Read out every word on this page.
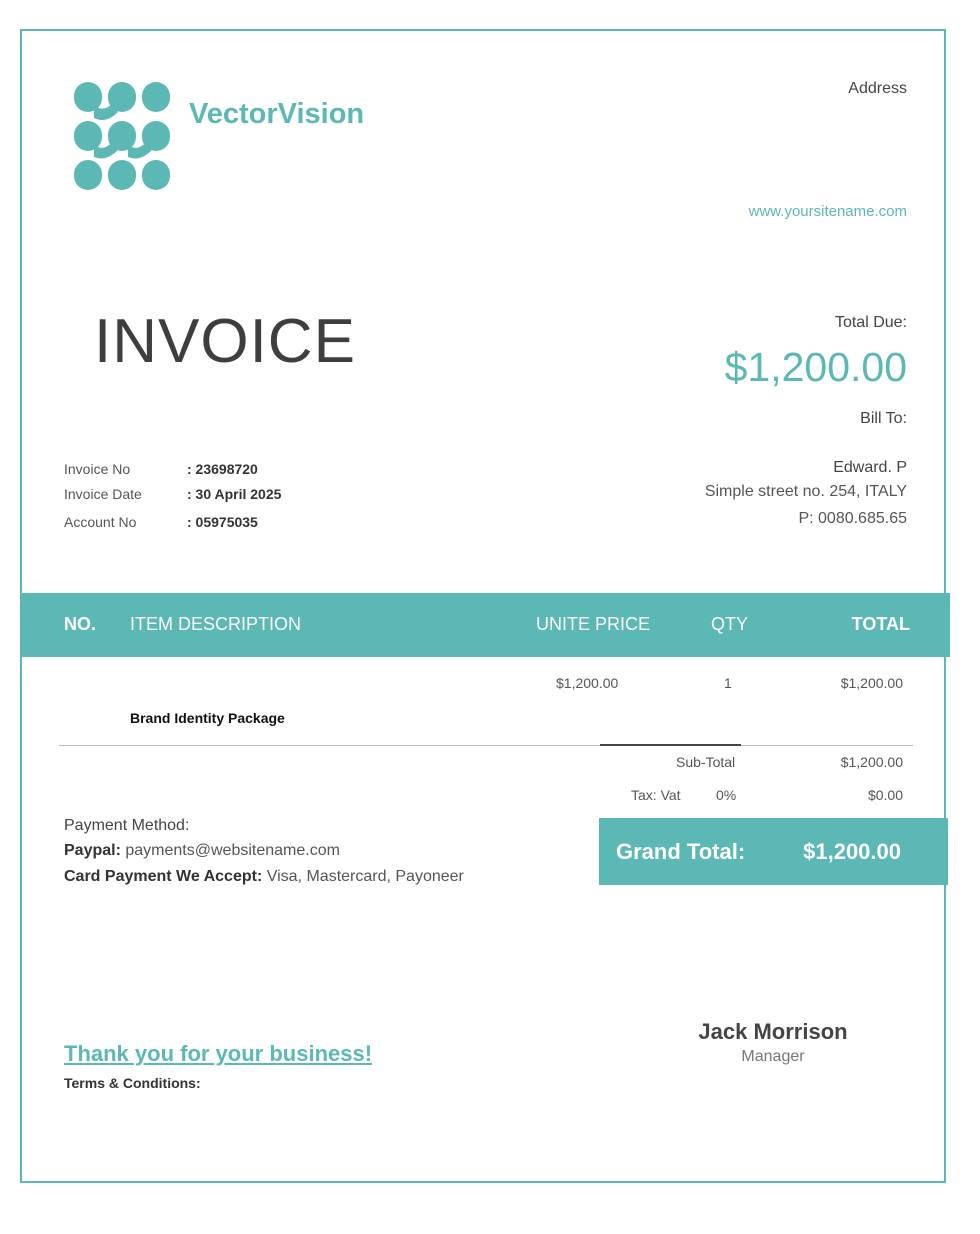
VectorVision
Address
www.yoursitename.com
INVOICE	Total Due:
$1,200.00
Bill To:
Edward. P
Simple street no. 254, ITALY
P: 0080.685.65
Invoice No	: 23698720
Invoice Date	: 30 April 2025
Account No	: 05975035
NO. ITEM DESCRIPTION	UNITE PRICE	QTY	TOTAL
$1,200.00	1	$1,200.00
Brand Identity Package
Sub-Total	$1,200.00
Tax: Vat	0%	$0.00
Grand Total:	$1,200.00
Payment Method:
Paypal: payments@websitename.com
Card Payment We Accept: Visa, Mastercard, Payoneer
Thank you for your business!
Terms & Conditions:
Jack Morrison
Manager
